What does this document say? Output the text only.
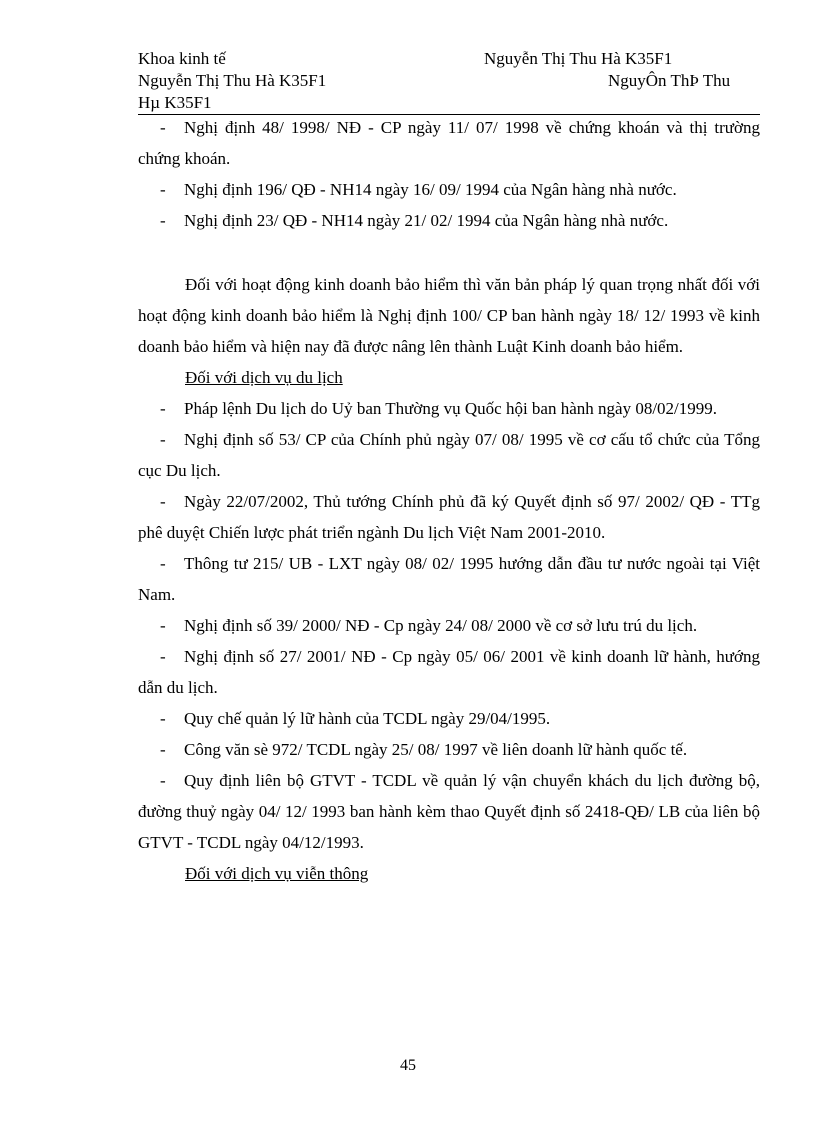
Khoa kinh tế	Nguyễn Thị Thu Hà K35F1
Nguyễn Thị Thu Hà K35F1	NguyÔn ThÞ Thu
Hµ K35F1

- Nghị định 48/ 1998/ NĐ - CP ngày 11/ 07/ 1998 về chứng khoán và thị trường chứng khoán.

- Nghị định 196/ QĐ - NH14 ngày 16/ 09/ 1994 của Ngân hàng nhà nước.

- Nghị định 23/ QĐ - NH14 ngày 21/ 02/ 1994 của Ngân hàng nhà nước.

Đối với hoạt động kinh doanh bảo hiểm thì văn bản pháp lý quan trọng nhất đối với hoạt động kinh doanh bảo hiểm là Nghị định 100/ CP ban hành ngày 18/ 12/ 1993 về kinh doanh bảo hiểm và hiện nay đã được nâng lên thành Luật Kinh doanh bảo hiểm.

Đối với dịch vụ du lịch

- Pháp lệnh Du lịch do Uỷ ban Thường vụ Quốc hội ban hành ngày 08/02/1999.

- Nghị định số 53/ CP của Chính phủ ngày 07/ 08/ 1995 về cơ cấu tổ chức của Tổng cục Du lịch.

- Ngày 22/07/2002, Thủ tướng Chính phủ đã ký Quyết định số 97/ 2002/ QĐ - TTg phê duyệt Chiến lược phát triển ngành Du lịch Việt Nam 2001-2010.

- Thông tư 215/ UB - LXT ngày 08/ 02/ 1995 hướng dẫn đầu tư nước ngoài tại Việt Nam.

- Nghị định số 39/ 2000/ NĐ - Cp ngày 24/ 08/ 2000 về cơ sở lưu trú du lịch.

- Nghị định số 27/ 2001/ NĐ - Cp ngày 05/ 06/ 2001 về kinh doanh lữ hành, hướng dẫn du lịch.

- Quy chế quản lý lữ hành của TCDL ngày 29/04/1995.

- Công văn sè 972/ TCDL ngày 25/ 08/ 1997 về liên doanh lữ hành quốc tế.

- Quy định liên bộ GTVT - TCDL về quản lý vận chuyển khách du lịch đường bộ, đường thuỷ ngày 04/ 12/ 1993 ban hành kèm thao Quyết định số 2418-QĐ/ LB của liên bộ GTVT - TCDL ngày 04/12/1993.

Đối với dịch vụ viễn thông

45
